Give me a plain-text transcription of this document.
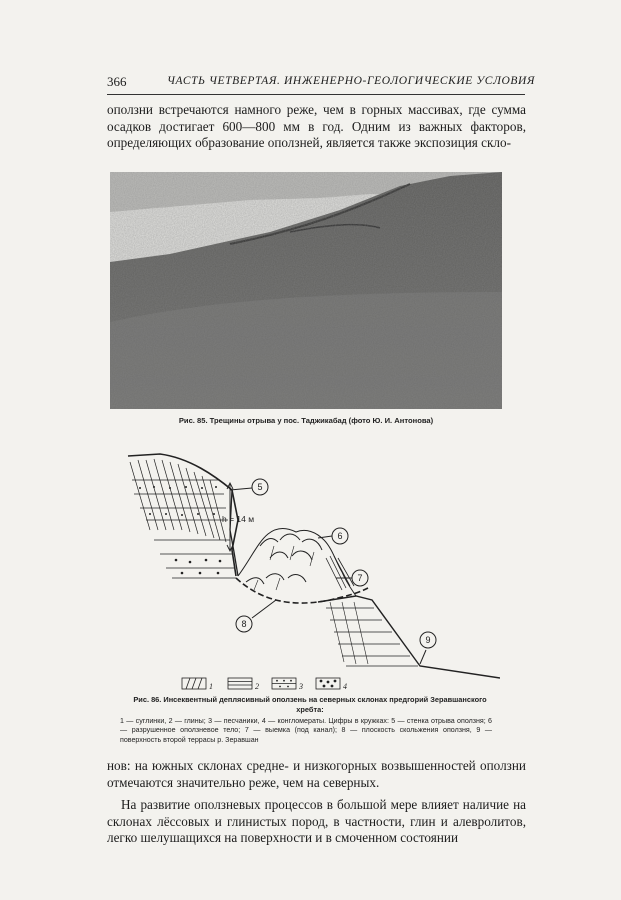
366	ЧАСТЬ ЧЕТВЕРТАЯ. ИНЖЕНЕРНО-ГЕОЛОГИЧЕСКИЕ УСЛОВИЯ

оползни встречаются намного реже, чем в горных массивах, где сумма осадков достигает 600—800 мм в год. Одним из важных факторов, определяющих образование оползней, является также экспозиция скло-

Рис. 85. Трещины отрыва у пос. Таджикабад (фото Ю. И. Антонова)
5
6
7
8
9
h = 14 м
1	2	3	4
Рис. 86. Инсеквентный деплясивный оползень на северных склонах предгорий Зеравшанского хребта:
1 — суглинки, 2 — глины; 3 — песчаники, 4 — конгломераты. Цифры в кружках: 5 — стенка отрыва оползня; 6 — разрушенное оползневое тело; 7 — выемка (под канал); 8 — плоскость скольжения оползня, 9 — поверхность второй террасы р. Зеравшан

нов: на южных склонах средне- и низкогорных возвышенностей оползни отмечаются значительно реже, чем на северных.

На развитие оползневых процессов в большой мере влияет наличие на склонах лёссовых и глинистых пород, в частности, глин и алевролитов, легко шелушащихся на поверхности и в смоченном состоянии
